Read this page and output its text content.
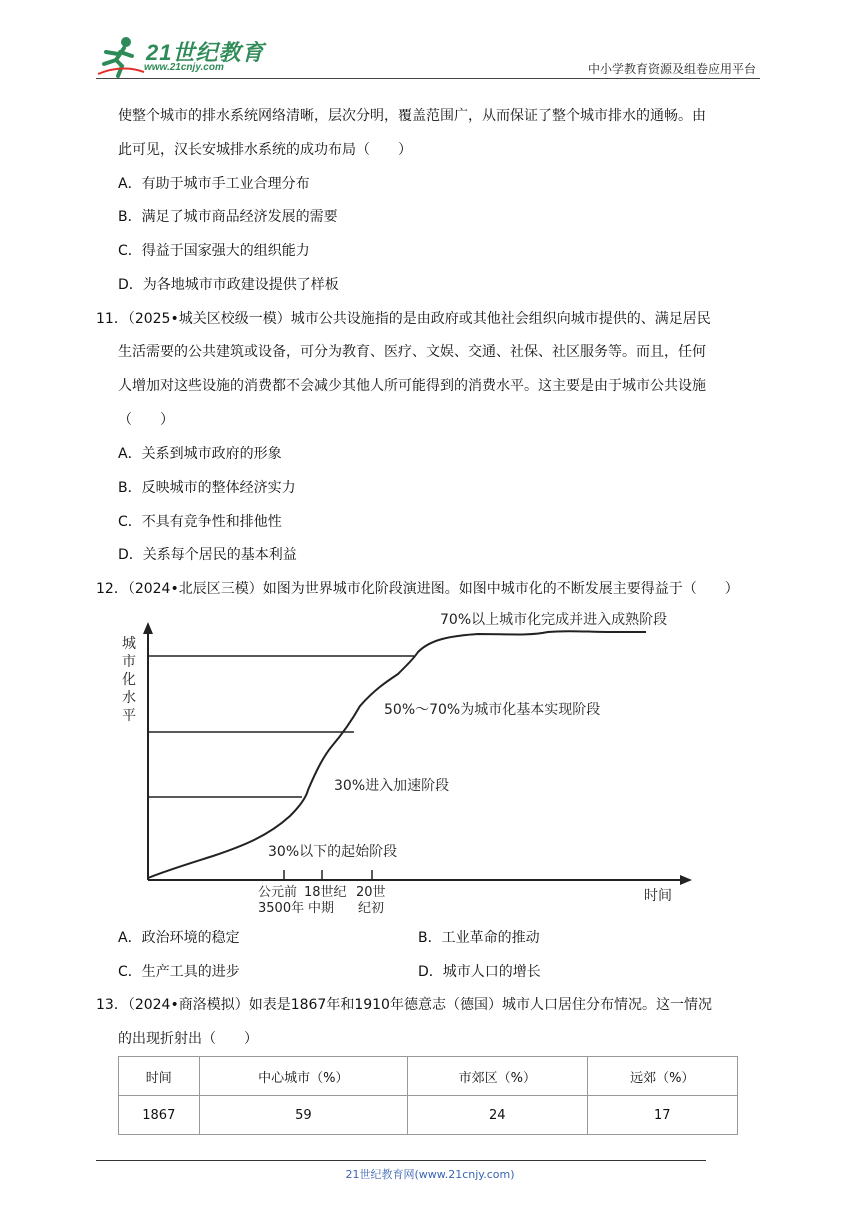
21世纪教育
www.21cnjy.com	中小学教育资源及组卷应用平台
使整个城市的排水系统网络清晰，层次分明，覆盖范围广，从而保证了整个城市排水的通畅。由
此可见，汉长安城排水系统的成功布局（　　）
A．有助于城市手工业合理分布
B．满足了城市商品经济发展的需要
C．得益于国家强大的组织能力
D．为各地城市市政建设提供了样板
11．（2025•城关区校级一模）城市公共设施指的是由政府或其他社会组织向城市提供的、满足居民
生活需要的公共建筑或设备，可分为教育、医疗、文娱、交通、社保、社区服务等。而且，任何
人增加对这些设施的消费都不会减少其他人所可能得到的消费水平。这主要是由于城市公共设施
（　　）
A．关系到城市政府的形象
B．反映城市的整体经济实力
C．不具有竞争性和排他性
D．关系每个居民的基本利益
12．（2024•北辰区三模）如图为世界城市化阶段演进图。如图中城市化的不断发展主要得益于（　　）
70%以上城市化完成并进入成熟阶段
50%～70%为城市化基本实现阶段
30%进入加速阶段
30%以下的起始阶段
城
市
化
水
平
公元前
3500年
18世纪
中期
20世
纪初
时间
A．政治环境的稳定	B．工业革命的推动
C．生产工具的进步	D．城市人口的增长
13．（2024•商洛模拟）如表是1867年和1910年德意志（德国）城市人口居住分布情况。这一情况
的出现折射出（　　）
时间	中心城市（%）	市郊区（%）	远郊（%）
1867	59	24	17
21世纪教育网(www.21cnjy.com)
